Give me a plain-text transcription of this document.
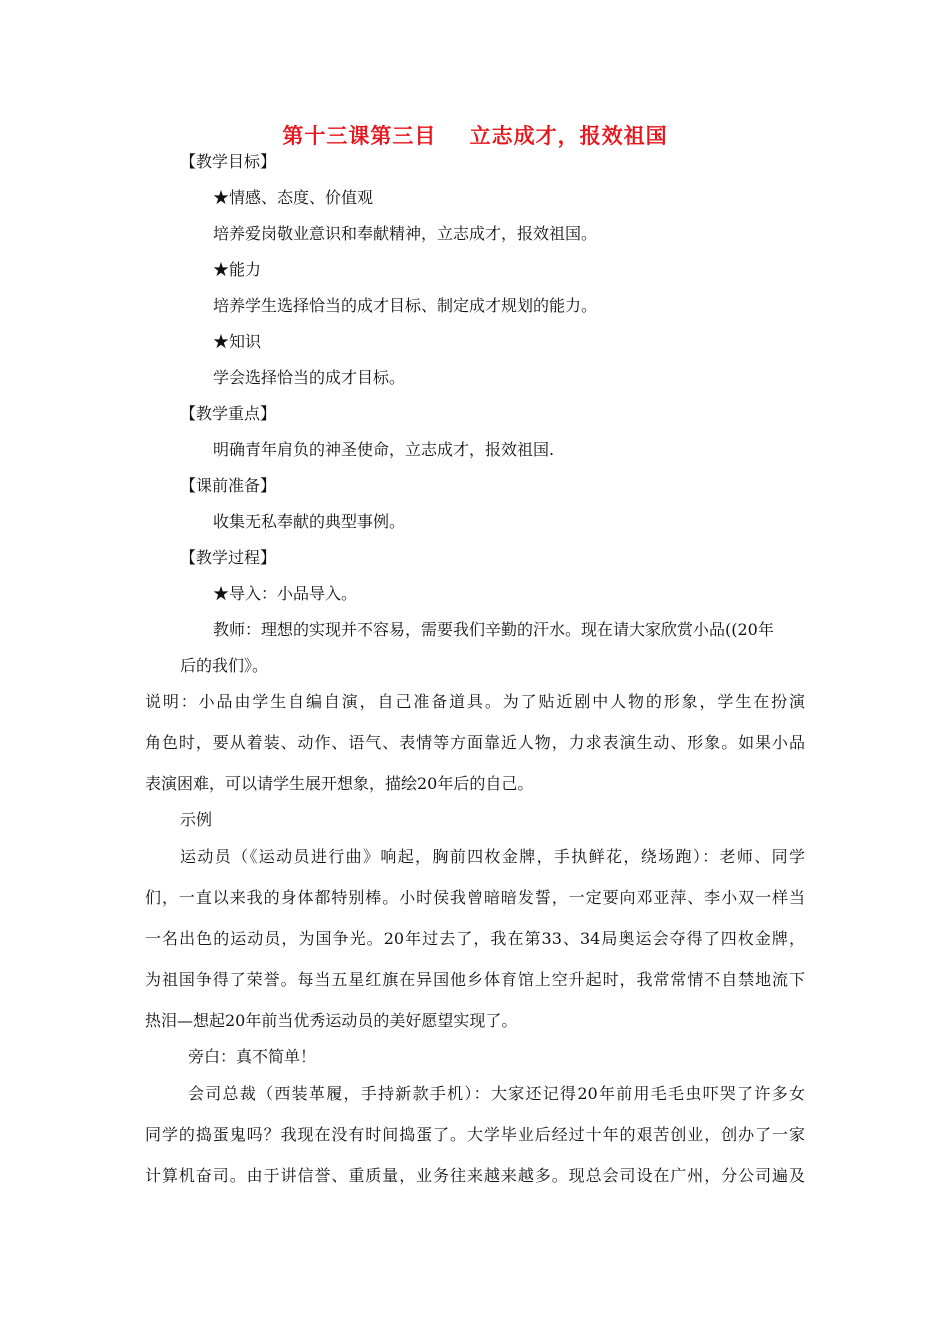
第十三课第三目    立志成才，报效祖国
【教学目标】
★情感、态度、价值观
培养爱岗敬业意识和奉献精神，立志成才，报效祖国。
★能力
培养学生选择恰当的成才目标、制定成才规划的能力。
★知识
学会选择恰当的成才目标。
【教学重点】
明确青年肩负的神圣使命，立志成才，报效祖国.
【课前准备】
收集无私奉献的典型事例。
【教学过程】
★导入：小品导入。
教师：理想的实现并不容易，需要我们辛勤的汗水。现在请大家欣赏小品((20年
后的我们》。
说明：小品由学生自编自演，自己准备道具。为了贴近剧中人物的形象，学生在扮演
角色时，要从着装、动作、语气、表情等方面靠近人物，力求表演生动、形象。如果小品
表演困难，可以请学生展开想象，描绘20年后的自己。
示例
运动员（《运动员进行曲》响起，胸前四枚金牌，手执鲜花，绕场跑）：老师、同学
们，一直以来我的身体都特别棒。小时侯我曾暗暗发誓，一定要向邓亚萍、李小双一样当
一名出色的运动员，为国争光。20年过去了，我在第33、34局奥运会夺得了四枚金牌，
为祖国争得了荣誉。每当五星红旗在异国他乡体育馆上空升起时，我常常情不自禁地流下
热泪—想起20年前当优秀运动员的美好愿望实现了。
旁白：真不简单！
会司总裁（西装革履，手持新款手机）：大家还记得20年前用毛毛虫吓哭了许多女
同学的捣蛋鬼吗？我现在没有时间捣蛋了。大学毕业后经过十年的艰苦创业，创办了一家
计算机奋司。由于讲信誉、重质量，业务往来越来越多。现总会司设在广州，分公司遍及
